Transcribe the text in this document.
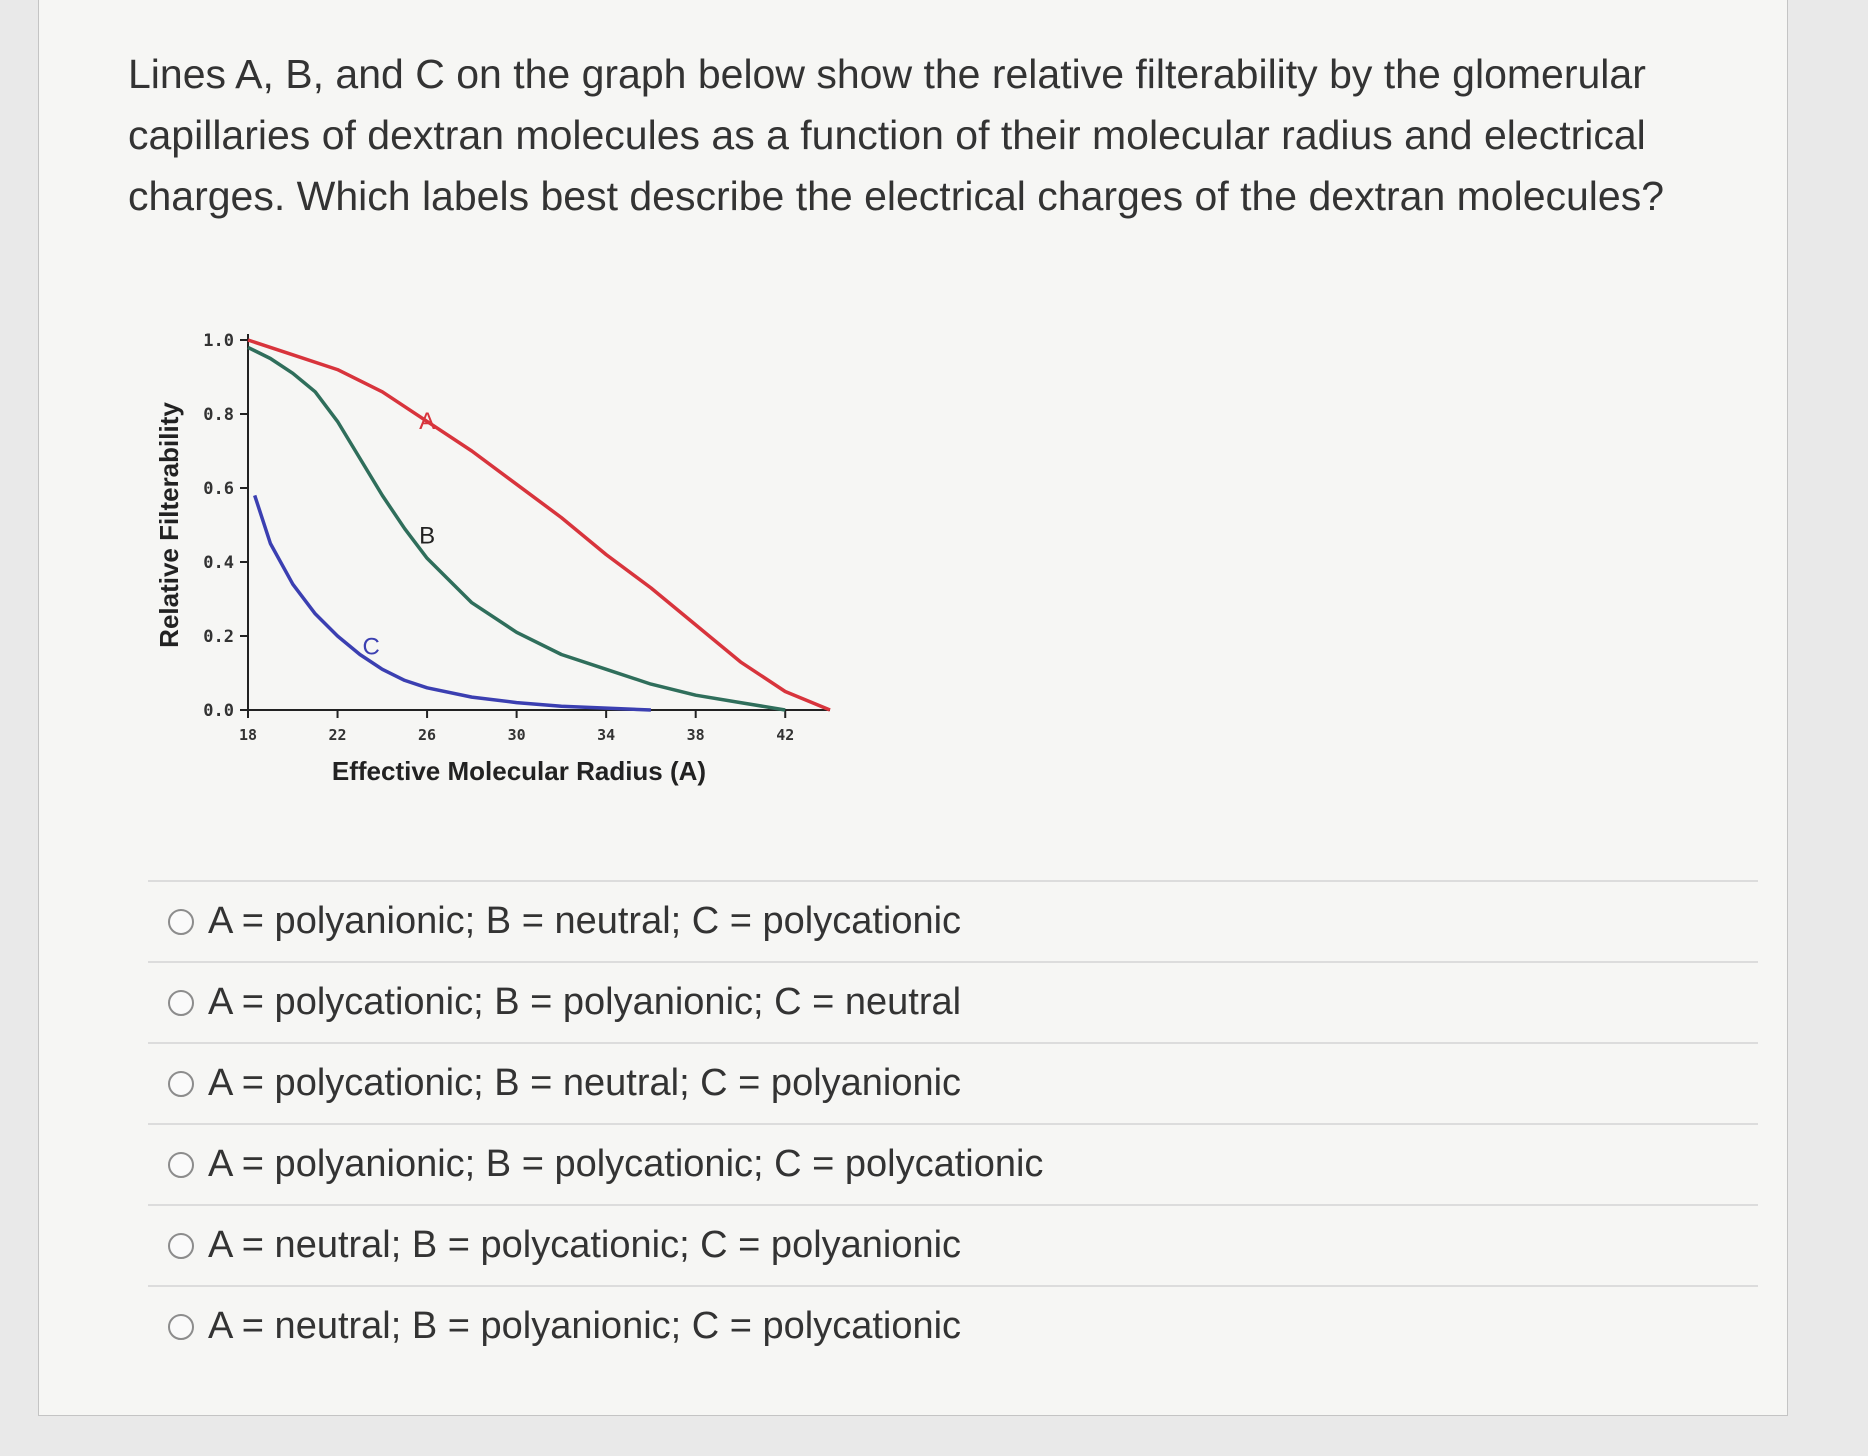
Lines A, B, and C on the graph below show the relative filterability by the glomerular capillaries of dextran molecules as a function of their molecular radius and electrical charges. Which labels best describe the electrical charges of the dextran molecules?

0.0
0.2
0.4
0.6
0.8
1.0
18	22	26	30	34	38	42
Effective Molecular Radius (A)
Relative Filterability	A
B
C
A = polyanionic; B = neutral; C = polycationic
A = polycationic; B = polyanionic; C = neutral
A = polycationic; B = neutral; C = polyanionic
A = polyanionic; B = polycationic; C = polycationic
A = neutral; B = polycationic; C = polyanionic
A = neutral; B = polyanionic; C = polycationic
